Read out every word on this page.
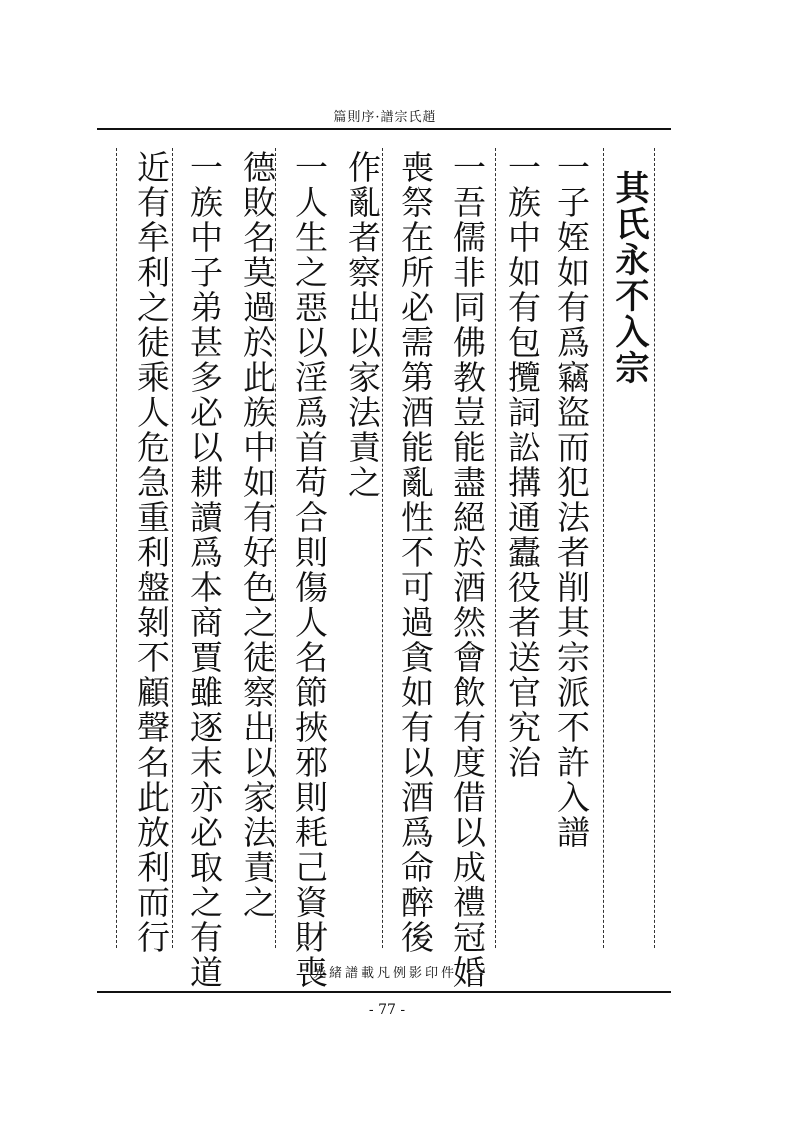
篇則序·譜宗氏趙
其氏永不入宗
一子姪如有爲竊盜而犯法者削其宗派不許入譜
一族中如有包攬詞訟搆通蠹役者送官究治
一吾儒非同佛教豈能盡絕於酒然會飲有度借以成禮冠婚
喪祭在所必需第酒能亂性不可過貪如有以酒爲命醉後
作亂者察出以家法責之
一人生之惡以淫爲首苟合則傷人名節挾邪則耗己資財喪
德敗名莫過於此族中如有好色之徒察出以家法責之
一族中子弟甚多必以耕讀爲本商賈雖逐末亦必取之有道
近有牟利之徒乘人危急重利盤剝不顧聲名此放利而行
光緒譜載凡例影印件
- 77 -
